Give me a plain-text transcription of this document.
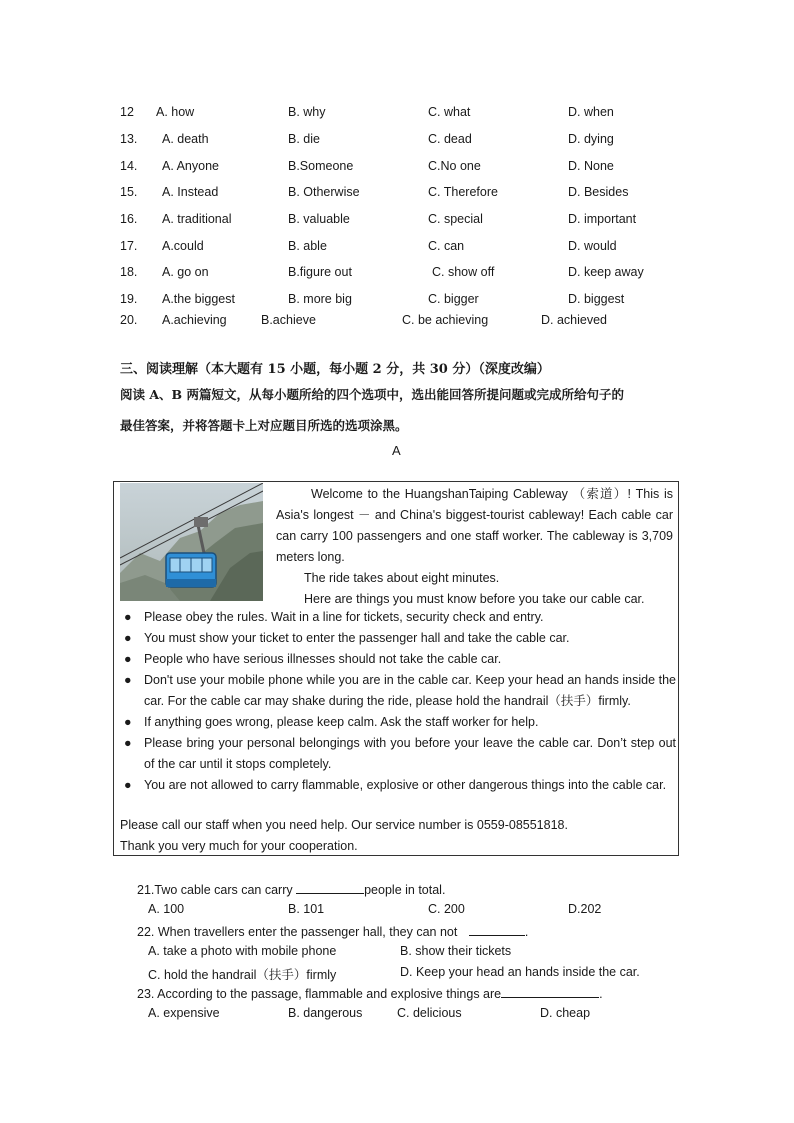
12 A. how	B. why	C. what	D. when
13. A. death	B. die	C. dead	D. dying
14. A. Anyone	B.Someone	C.No one	D. None
15. A. Instead	B. Otherwise	C. Therefore	D. Besides
16. A. traditional	B. valuable	C. special	D. important
17. A.could	B. able	C. can	D. would
18. A. go on	B.figure out	C. show off	D. keep away
19. A.the biggest	B. more big	C. bigger	D. biggest
20. A.achieving	B.achieve	C. be achieving	D. achieved
三、阅读理解（本大题有 15 小题，每小题 2 分，共 30 分）（深度改编）
阅读 A、B 两篇短文，从每小题所给的四个选项中，选出能回答所提问题或完成所给句子的
最佳答案，并将答题卡上对应题目所选的选项涂黑。
A

Welcome to the HuangshanTaiping Cableway （索道）! This is Asia's longest － and China's biggest-tourist cableway! Each cable car can carry 100 passengers and one staff worker. The cableway is 3,709 meters long.

The ride takes about eight minutes.

Here are things you must know before you take our cable car.

● Please obey the rules. Wait in a line for tickets, security check and entry.
● You must show your ticket to enter the passenger hall and take the cable car.
● People who have serious illnesses should not take the cable car.
● Don't use your mobile phone while you are in the cable car. Keep your head an hands inside the car. For the cable car may shake during the ride, please hold the handrail（扶手）firmly.
● If anything goes wrong, please keep calm. Ask the staff worker for help.
● Please bring your personal belongings with you before your leave the cable car. Don’t step out of the car until it stops completely.
● You are not allowed to carry flammable, explosive or other dangerous things into the cable car.
Please call our staff when you need help. Our service number is 0559-08551818.
Thank you very much for your cooperation.
21.Two cable cars can carry	people in total.
A. 100	B. 101	C. 200	D.202
22. When travellers enter the passenger hall, they can not	.
A. take a photo with mobile phone	B. show their tickets
C. hold the handrail（扶手）firmly	D. Keep your head an hands inside the car.
23. According to the passage, flammable and explosive things are	.
A. expensive	B. dangerous	C. delicious	D. cheap
